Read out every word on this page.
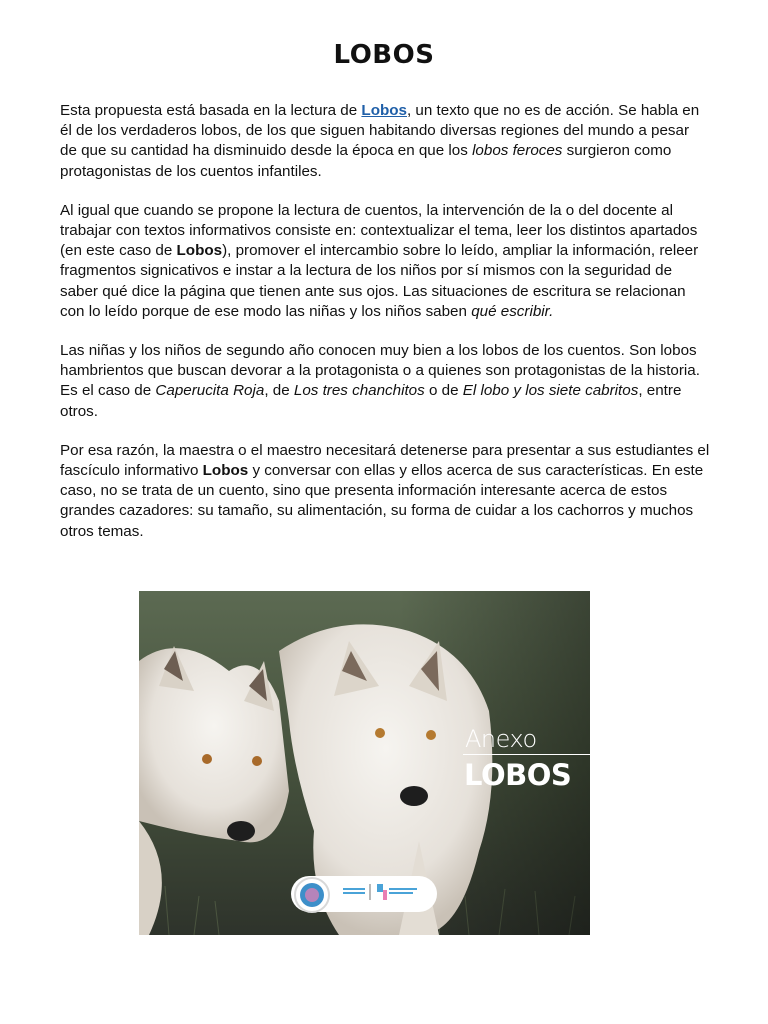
LOBOS

Esta propuesta está basada en la lectura de Lobos, un texto que no es de acción. Se habla en él de los verdaderos lobos, de los que siguen habitando diversas regiones del mundo a pesar de que su cantidad ha disminuido desde la época en que los lobos feroces surgieron como protagonistas de los cuentos infantiles.

Al igual que cuando se propone la lectura de cuentos, la intervención de la o del docente al trabajar con textos informativos consiste en: contextualizar el tema, leer los distintos apartados (en este caso de Lobos), promover el intercambio sobre lo leído, ampliar la información, releer fragmentos signicativos e instar a la lectura de los niños por sí mismos con la seguridad de saber qué dice la página que tienen ante sus ojos. Las situaciones de escritura se relacionan con lo leído porque de ese modo las niñas y los niños saben qué escribir.

Las niñas y los niños de segundo año conocen muy bien a los lobos de los cuentos. Son lobos hambrientos que buscan devorar a la protagonista o a quienes son protagonistas de la historia. Es el caso de Caperucita Roja, de Los tres chanchitos o de El lobo y los siete cabritos, entre otros.

Por esa razón, la maestra o el maestro necesitará detenerse para presentar a sus estudiantes el fascículo informativo Lobos y conversar con ellas y ellos acerca de sus características. En este caso, no se trata de un cuento, sino que presenta información interesante acerca de estos grandes cazadores: su tamaño, su alimentación, su forma de cuidar a los cachorros y muchos otros temas.

Anexo
LOBOS
